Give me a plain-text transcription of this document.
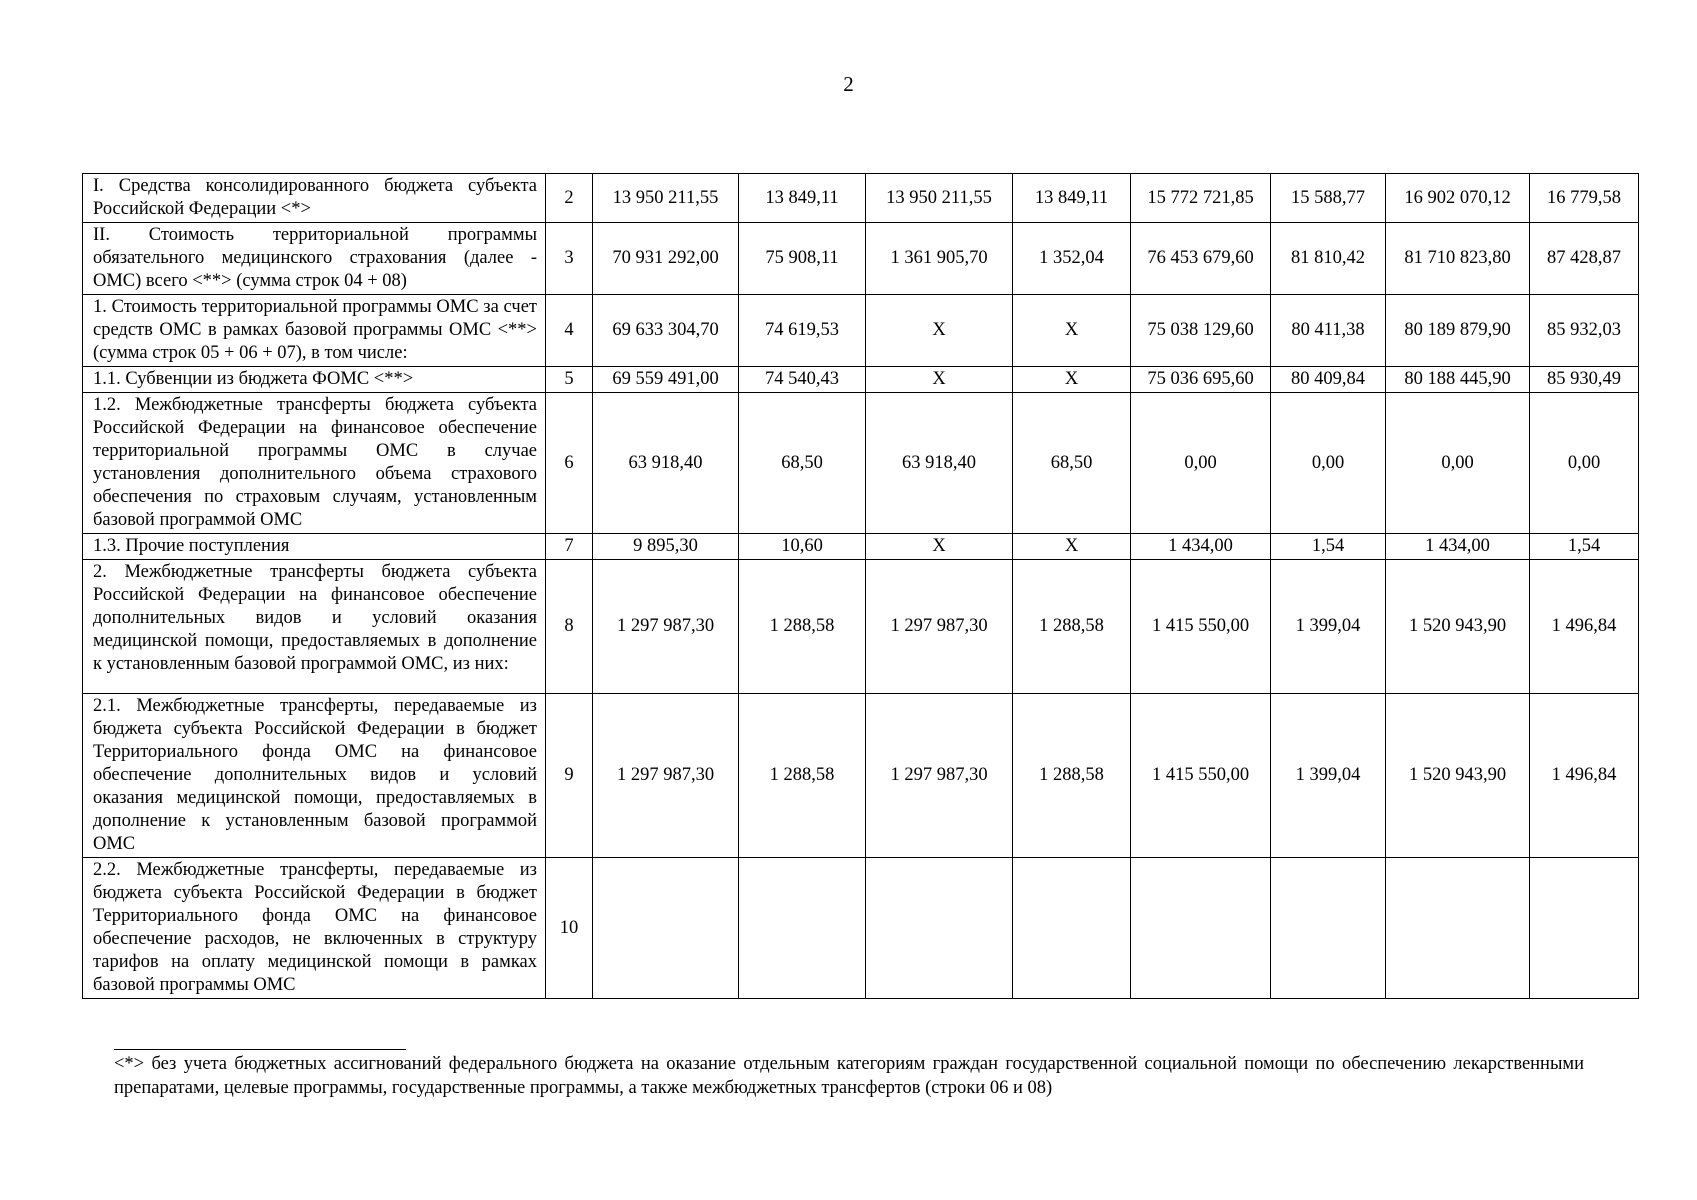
2
I. Средства консолидированного бюджета субъекта Российской Федерации <*>	2	13 950 211,55	13 849,11	13 950 211,55	13 849,11	15 772 721,85	15 588,77	16 902 070,12	16 779,58
II. Стоимость территориальной программы обязательного медицинского страхования (далее - ОМС) всего <**> (сумма строк 04 + 08)	3	70 931 292,00	75 908,11	1 361 905,70	1 352,04	76 453 679,60	81 810,42	81 710 823,80	87 428,87
1. Стоимость территориальной программы ОМС за счет средств ОМС в рамках базовой программы ОМС <**> (сумма строк 05 + 06 + 07), в том числе:	4	69 633 304,70	74 619,53	X	X	75 038 129,60	80 411,38	80 189 879,90	85 932,03
1.1. Субвенции из бюджета ФОМС <**>	5	69 559 491,00	74 540,43	X	X	75 036 695,60	80 409,84	80 188 445,90	85 930,49
1.2. Межбюджетные трансферты бюджета субъекта Российской Федерации на финансовое обеспечение территориальной программы ОМС в случае установления дополнительного объема страхового обеспечения по страховым случаям, установленным базовой программой ОМС	6	63 918,40	68,50	63 918,40	68,50	0,00	0,00	0,00	0,00
1.3. Прочие поступления	7	9 895,30	10,60	X	X	1 434,00	1,54	1 434,00	1,54
2. Межбюджетные трансферты бюджета субъекта Российской Федерации на финансовое обеспечение дополнительных видов и условий оказания медицинской помощи, предоставляемых в дополнение к установленным базовой программой ОМС, из них:	8	1 297 987,30	1 288,58	1 297 987,30	1 288,58	1 415 550,00	1 399,04	1 520 943,90	1 496,84
2.1. Межбюджетные трансферты, передаваемые из бюджета субъекта Российской Федерации в бюджет Территориального фонда ОМС на финансовое обеспечение дополнительных видов и условий оказания медицинской помощи, предоставляемых в дополнение к установленным базовой программой ОМС	9	1 297 987,30	1 288,58	1 297 987,30	1 288,58	1 415 550,00	1 399,04	1 520 943,90	1 496,84
2.2. Межбюджетные трансферты, передаваемые из бюджета субъекта Российской Федерации в бюджет Территориального фонда ОМС на финансовое обеспечение расходов, не включенных в структуру тарифов на оплату медицинской помощи в рамках базовой программы ОМС	10								
<*> без учета бюджетных ассигнований федерального бюджета на оказание отдельным категориям граждан государственной социальной помощи по обеспечению лекарственными препаратами, целевые программы, государственные программы, а также межбюджетных трансфертов (строки 06 и 08)
